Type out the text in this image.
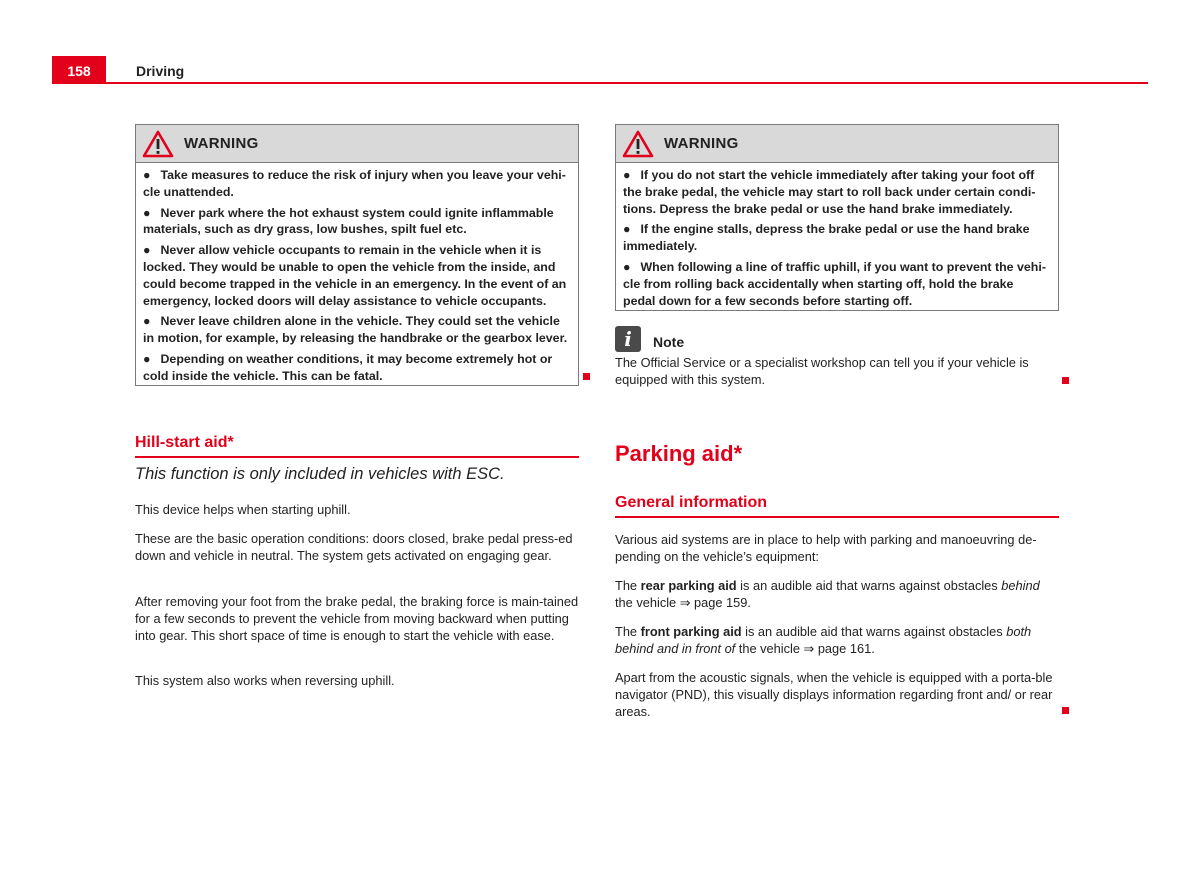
158	Driving
WARNING

● Take measures to reduce the risk of injury when you leave your vehi-cle unattended.

● Never park where the hot exhaust system could ignite inflammable materials, such as dry grass, low bushes, spilt fuel etc.

● Never allow vehicle occupants to remain in the vehicle when it is locked. They would be unable to open the vehicle from the inside, and could become trapped in the vehicle in an emergency. In the event of an emergency, locked doors will delay assistance to vehicle occupants.

● Never leave children alone in the vehicle. They could set the vehicle in motion, for example, by releasing the handbrake or the gearbox lever.

● Depending on weather conditions, it may become extremely hot or cold inside the vehicle. This can be fatal.

Hill-start aid*
This function is only included in vehicles with ESC.
This device helps when starting uphill.
These are the basic operation conditions: doors closed, brake pedal press-ed down and vehicle in neutral. The system gets activated on engaging gear.
After removing your foot from the brake pedal, the braking force is main-tained for a few seconds to prevent the vehicle from moving backward when putting into gear. This short space of time is enough to start the vehicle with ease.
This system also works when reversing uphill.
WARNING

● If you do not start the vehicle immediately after taking your foot off the brake pedal, the vehicle may start to roll back under certain condi-tions. Depress the brake pedal or use the hand brake immediately.

● If the engine stalls, depress the brake pedal or use the hand brake immediately.

● When following a line of traffic uphill, if you want to prevent the vehi-cle from rolling back accidentally when starting off, hold the brake pedal down for a few seconds before starting off.

i	Note
The Official Service or a specialist workshop can tell you if your vehicle is equipped with this system.
Parking aid*
General information
Various aid systems are in place to help with parking and manoeuvring de-pending on the vehicle’s equipment:
The rear parking aid is an audible aid that warns against obstacles behind the vehicle ⇒ page 159.
The front parking aid is an audible aid that warns against obstacles both behind and in front of the vehicle ⇒ page 161.
Apart from the acoustic signals, when the vehicle is equipped with a porta-ble navigator (PND), this visually displays information regarding front and/ or rear areas.
